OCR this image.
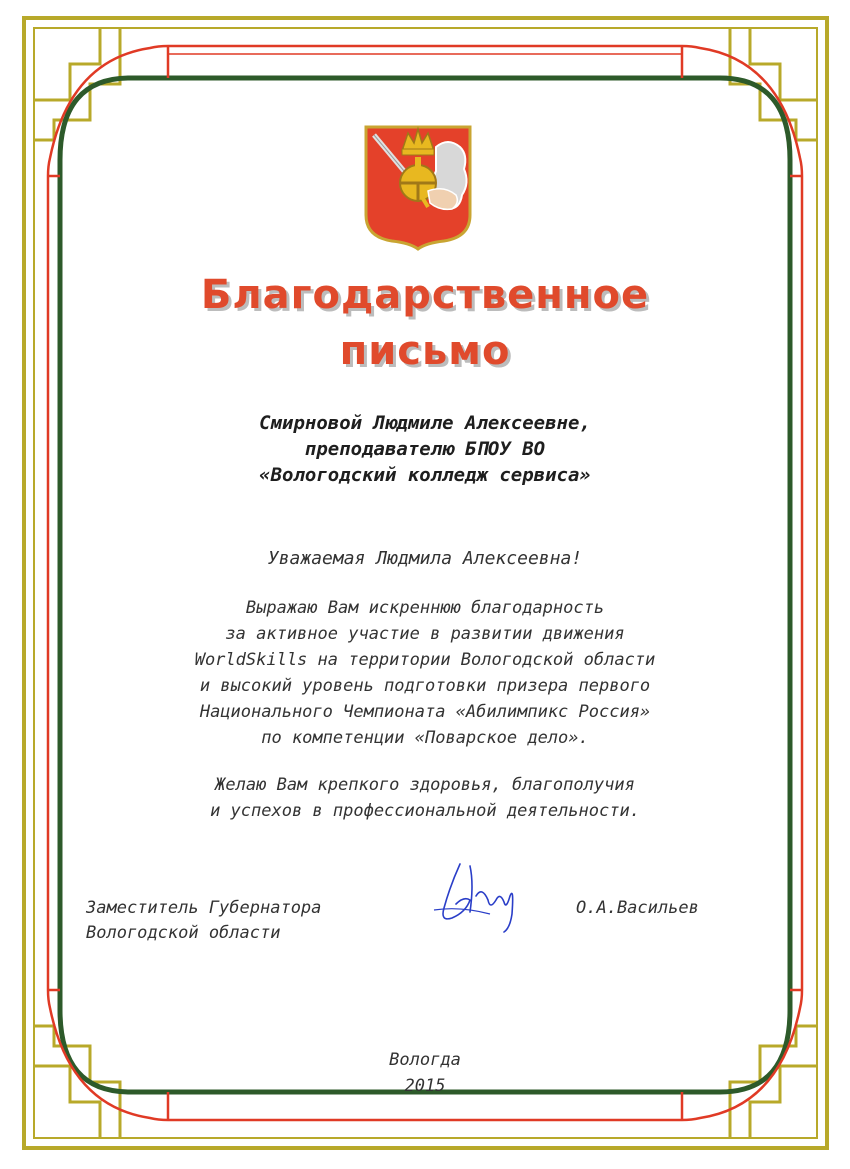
Благодарственное
письмо
Смирновой Людмиле Алексеевне,
преподавателю БПОУ ВО
«Вологодский колледж сервиса»
Уважаемая Людмила Алексеевна!
Выражаю Вам искреннюю благодарность
за активное участие в развитии движения
WorldSkills на территории Вологодской области
и высокий уровень подготовки призера первого
Национального Чемпионата «Абилимпикс Россия»
по компетенции «Поварское дело».
Желаю Вам крепкого здоровья, благополучия
и успехов в профессиональной деятельности.
Заместитель Губернатора
Вологодской области
О.А.Васильев
Вологда
2015
